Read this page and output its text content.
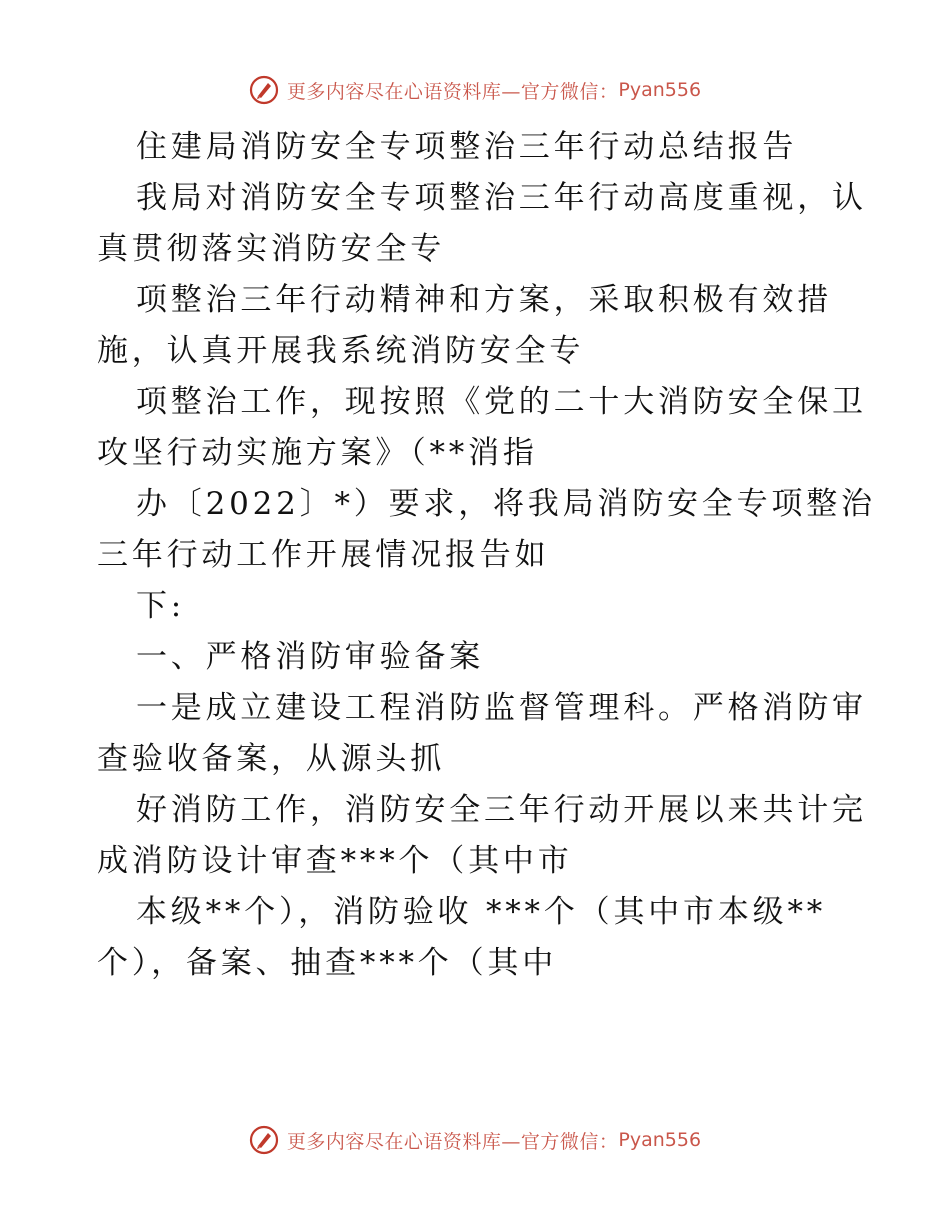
更多内容尽在心语资料库—官方微信： Pyan556
住建局消防安全专项整治三年行动总结报告
我局对消防安全专项整治三年行动高度重视，认
真贯彻落实消防安全专
项整治三年行动精神和方案，采取积极有效措
施，认真开展我系统消防安全专
项整治工作，现按照《党的二十大消防安全保卫
攻坚行动实施方案》（**消指
办〔2022〕*）要求，将我局消防安全专项整治
三年行动工作开展情况报告如
下:
一、严格消防审验备案
一是成立建设工程消防监督管理科。严格消防审
查验收备案，从源头抓
好消防工作，消防安全三年行动开展以来共计完
成消防设计审查***个（其中市
本级**个），消防验收 ***个（其中市本级**
个），备案、抽查***个（其中
更多内容尽在心语资料库—官方微信： Pyan556
